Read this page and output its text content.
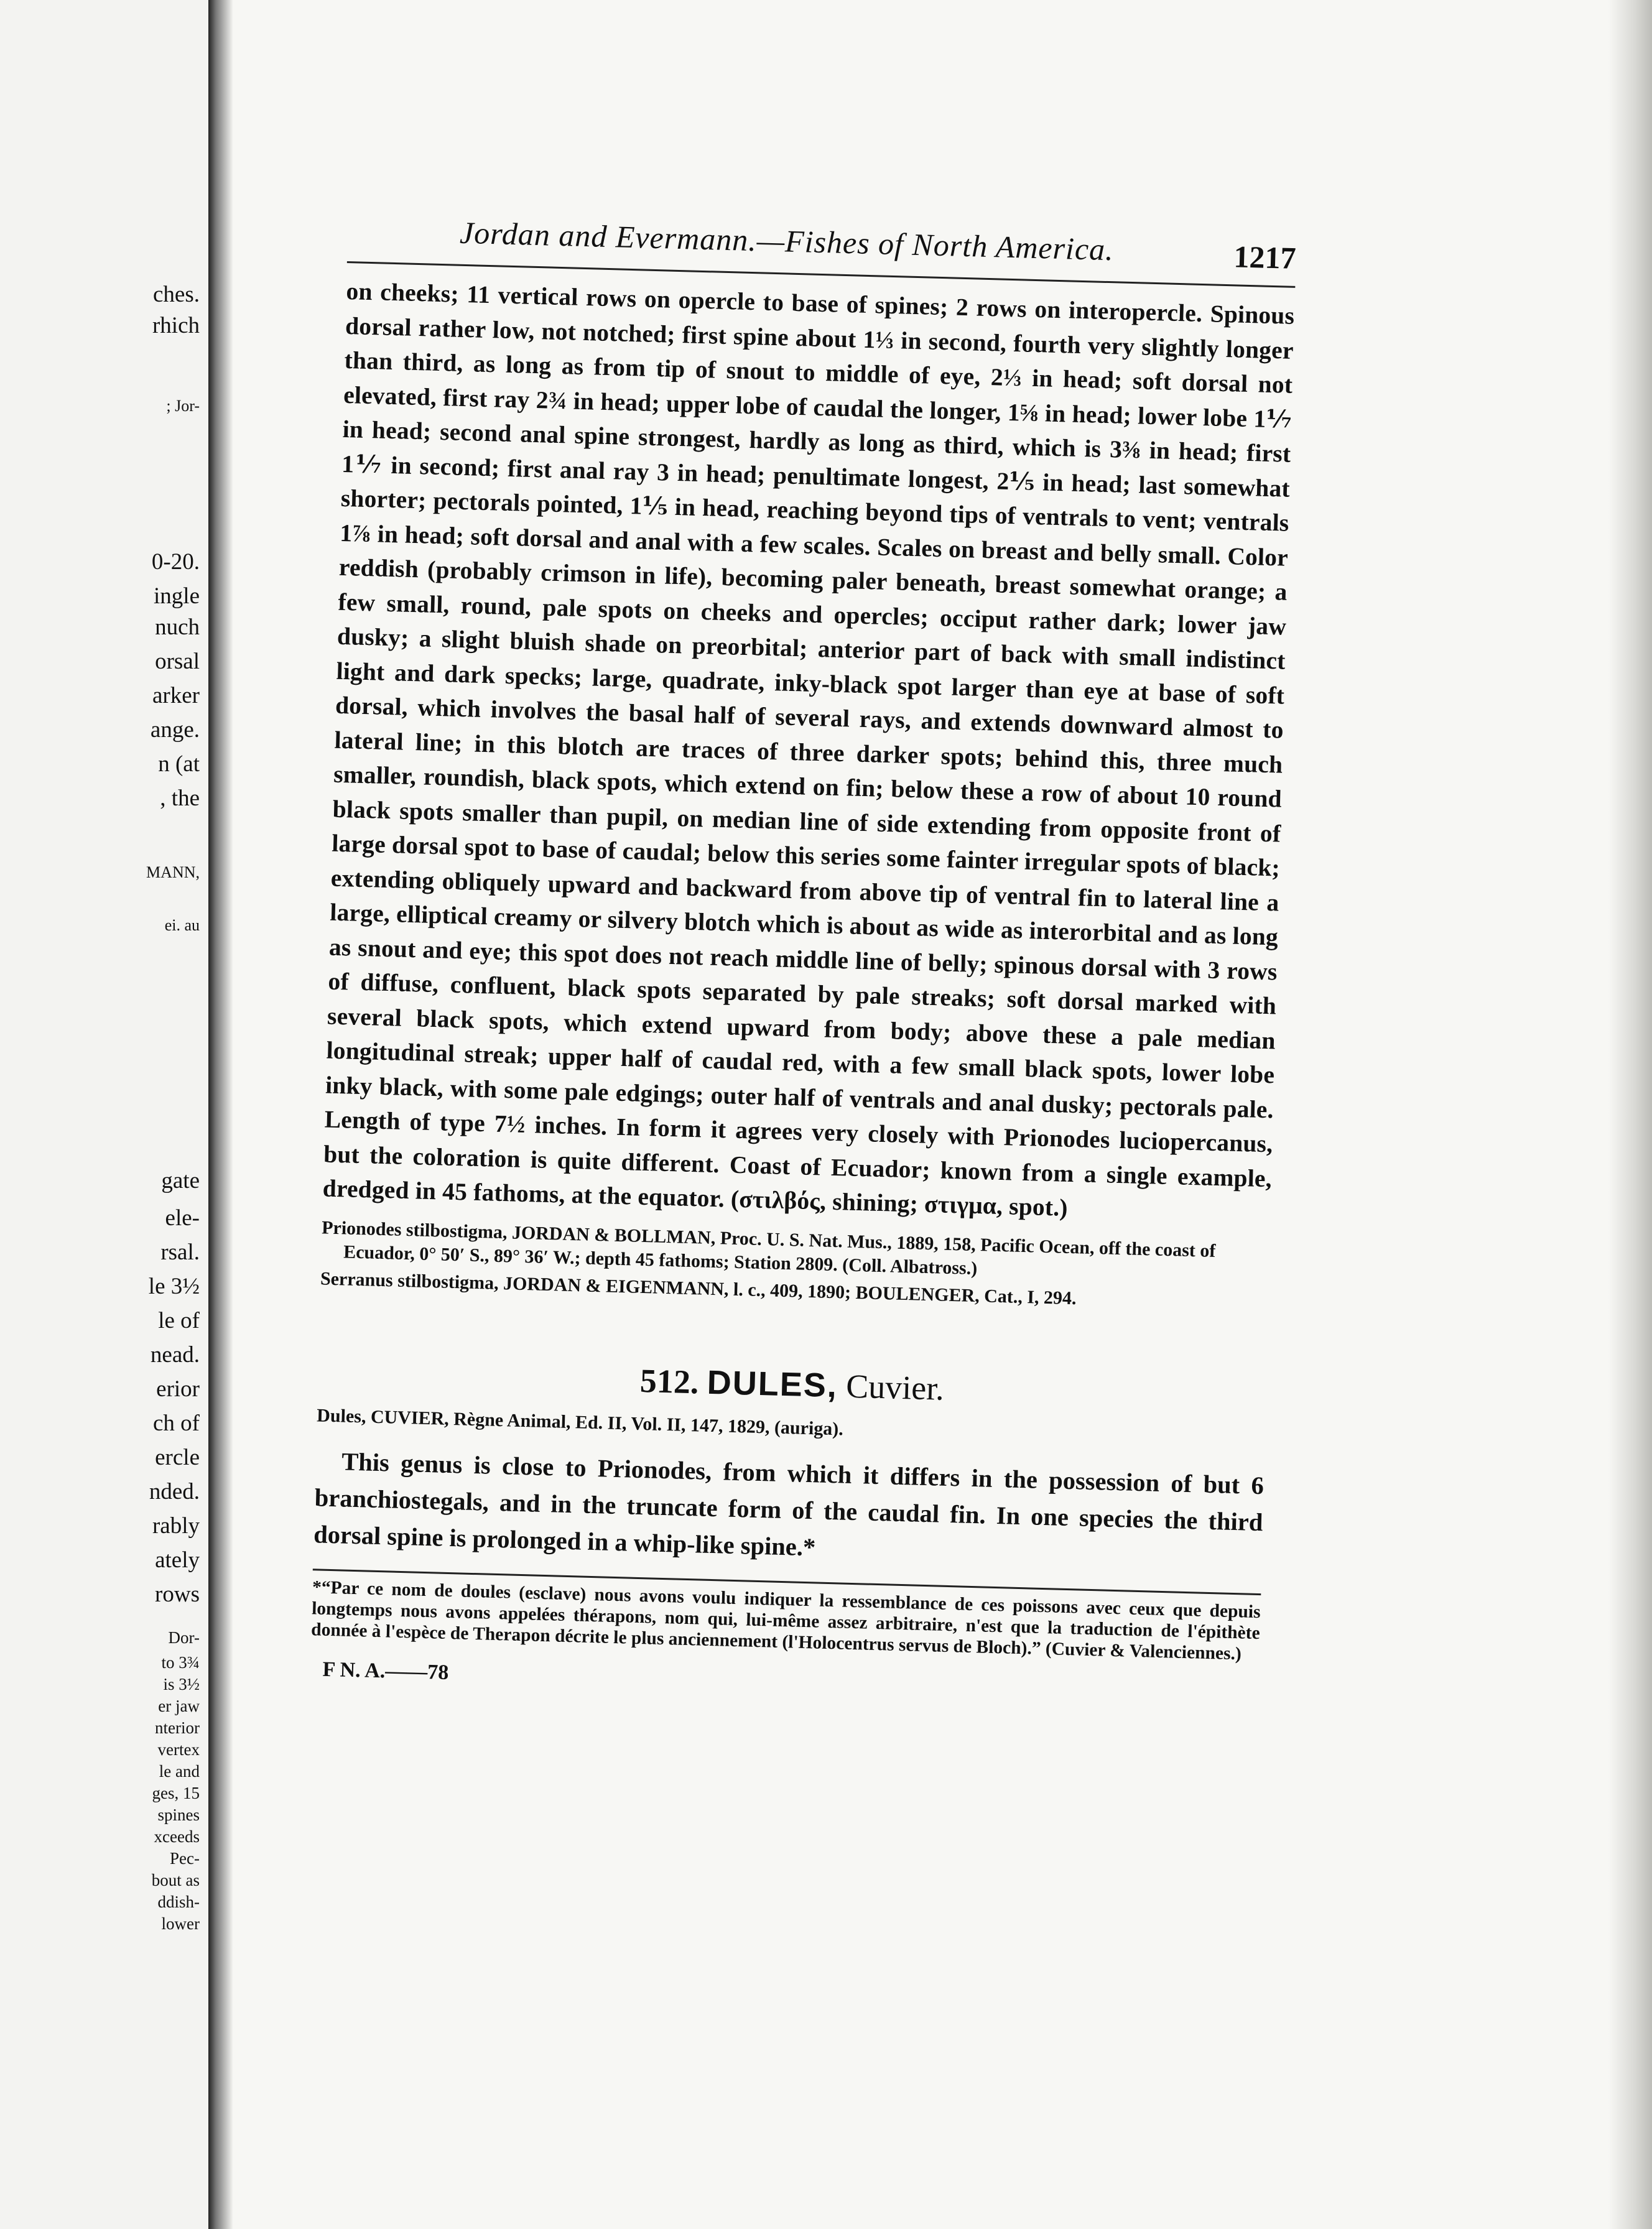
ches.
rhich
; Jor-
0-20.
ingle
nuch
orsal
arker
ange.
n (at
, the
MANN,
ei. au
gate
ele-
rsal.
le 3½
le of
nead.
erior
ch of
ercle
nded.
rably
ately
rows
Dor-
to 3¾
is 3½
er jaw
nterior
vertex
le and
ges, 15
spines
xceeds
Pec-
bout as
ddish-
lower
Jordan and Evermann.—Fishes of North America.	1217

on cheeks; 11 vertical rows on opercle to base of spines; 2 rows on interopercle. Spinous dorsal rather low, not notched; first spine about 1⅓ in second, fourth very slightly longer than third, as long as from tip of snout to middle of eye, 2⅓ in head; soft dorsal not elevated, first ray 2¾ in head; upper lobe of caudal the longer, 1⅝ in head; lower lobe 1⅐ in head; second anal spine strongest, hardly as long as third, which is 3⅜ in head; first 1⅐ in second; first anal ray 3 in head; penultimate longest, 2⅕ in head; last somewhat shorter; pectorals pointed, 1⅕ in head, reaching beyond tips of ventrals to vent; ventrals 1⅞ in head; soft dorsal and anal with a few scales. Scales on breast and belly small. Color reddish (probably crimson in life), becoming paler beneath, breast somewhat orange; a few small, round, pale spots on cheeks and opercles; occiput rather dark; lower jaw dusky; a slight bluish shade on preorbital; anterior part of back with small indistinct light and dark specks; large, quadrate, inky-black spot larger than eye at base of soft dorsal, which involves the basal half of several rays, and extends downward almost to lateral line; in this blotch are traces of three darker spots; behind this, three much smaller, roundish, black spots, which extend on fin; below these a row of about 10 round black spots smaller than pupil, on median line of side extending from opposite front of large dorsal spot to base of caudal; below this series some fainter irregular spots of black; extending obliquely upward and backward from above tip of ventral fin to lateral line a large, elliptical creamy or silvery blotch which is about as wide as interorbital and as long as snout and eye; this spot does not reach middle line of belly; spinous dorsal with 3 rows of diffuse, confluent, black spots separated by pale streaks; soft dorsal marked with several black spots, which extend upward from body; above these a pale median longitudinal streak; upper half of caudal red, with a few small black spots, lower lobe inky black, with some pale edgings; outer half of ventrals and anal dusky; pectorals pale. Length of type 7½ inches. In form it agrees very closely with Prionodes luciopercanus, but the coloration is quite different. Coast of Ecuador; known from a single example, dredged in 45 fathoms, at the equator. (στιλβός, shining; στιγμα, spot.)

Prionodes stilbostigma, JORDAN & BOLLMAN, Proc. U. S. Nat. Mus., 1889, 158, Pacific Ocean, off the coast of Ecuador, 0° 50′ S., 89° 36′ W.; depth 45 fathoms; Station 2809. (Coll. Albatross.)

Serranus stilbostigma, JORDAN & EIGENMANN, l. c., 409, 1890; BOULENGER, Cat., I, 294.

512. DULES, Cuvier.

Dules, CUVIER, Règne Animal, Ed. II, Vol. II, 147, 1829, (auriga).

This genus is close to Prionodes, from which it differs in the possession of but 6 branchiostegals, and in the truncate form of the caudal fin. In one species the third dorsal spine is prolonged in a whip-like spine.*

*“Par ce nom de doules (esclave) nous avons voulu indiquer la ressemblance de ces poissons avec ceux que depuis longtemps nous avons appelées thérapons, nom qui, lui-même assez arbitraire, n'est que la traduction de l'épithète donnée à l'espèce de Therapon décrite le plus anciennement (l'Holocentrus servus de Bloch).” (Cuvier & Valenciennes.)

F N. A.——78
